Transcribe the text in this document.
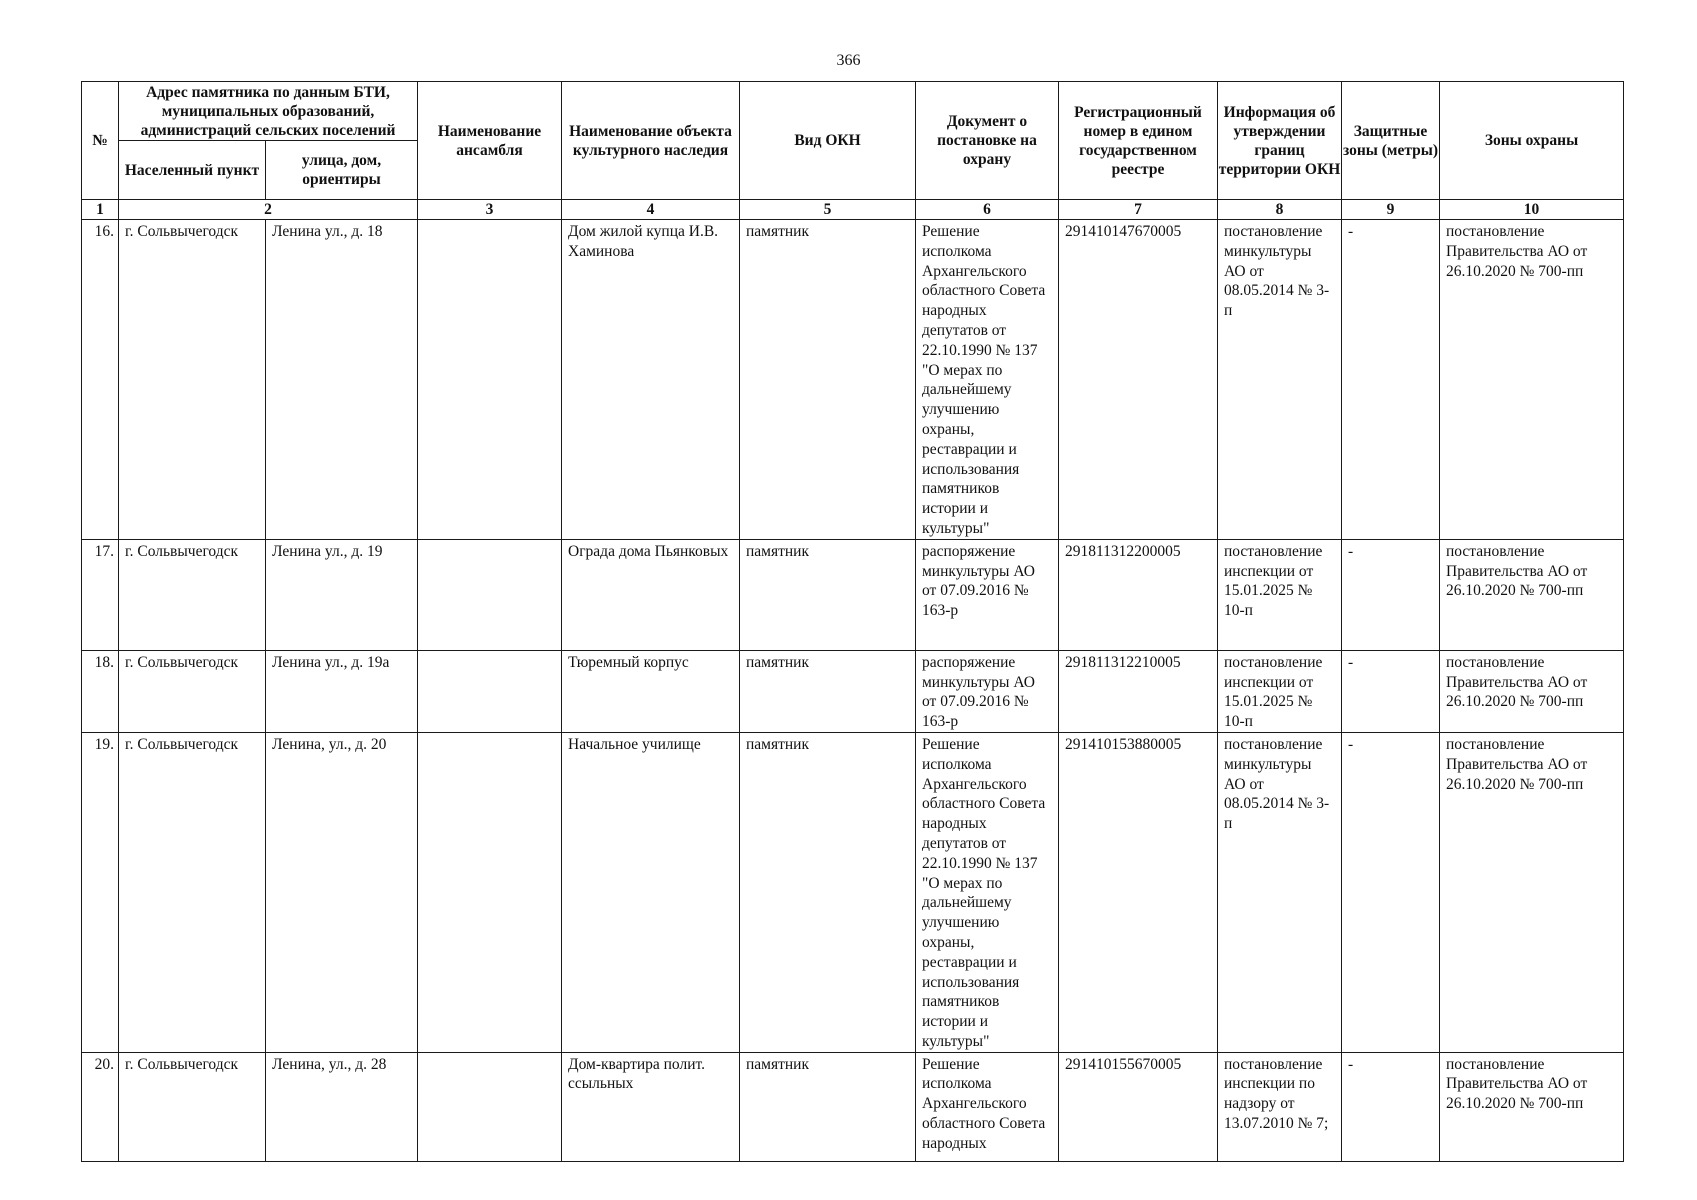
366
№	Адрес памятника по данным БТИ, муниципальных образований, администраций сельских поселений		Наименование ансамбля	Наименование объекта культурного наследия	Вид ОКН	Документ о постановке на охрану	Регистрационный номер в едином государственном реестре	Информация об утверждении границ территории ОКН	Защитные зоны (метры)	Зоны охраны
	Населенный пункт	улица, дом, ориентиры								
1	2		3	4	5	6	7	8	9	10
16.	г. Сольвычегодск	Ленина ул., д. 18		Дом жилой купца И.В. Хаминова	памятник	Решение исполкома Архангельского областного Совета народных депутатов от 22.10.1990 № 137 "О мерах по дальнейшему улучшению охраны, реставрации и использования памятников истории и культуры"	291410147670005	постановление минкультуры АО от 08.05.2014 № 3-п	-	постановление Правительства АО от 26.10.2020 № 700-пп
17.	г. Сольвычегодск	Ленина ул., д. 19		Ограда дома Пьянковых	памятник	распоряжение минкультуры АО от 07.09.2016 № 163-р	291811312200005	постановление инспекции от 15.01.2025 № 10-п	-	постановление Правительства АО от 26.10.2020 № 700-пп
18.	г. Сольвычегодск	Ленина ул., д. 19а		Тюремный корпус	памятник	распоряжение минкультуры АО от 07.09.2016 № 163-р	291811312210005	постановление инспекции от 15.01.2025 № 10-п	-	постановление Правительства АО от 26.10.2020 № 700-пп
19.	г. Сольвычегодск	Ленина, ул., д. 20		Начальное училище	памятник	Решение исполкома Архангельского областного Совета народных депутатов от 22.10.1990 № 137 "О мерах по дальнейшему улучшению охраны, реставрации и использования памятников истории и культуры"	291410153880005	постановление минкультуры АО от 08.05.2014 № 3-п	-	постановление Правительства АО от 26.10.2020 № 700-пп
20.	г. Сольвычегодск	Ленина, ул., д. 28		Дом-квартира полит. ссыльных	памятник	Решение исполкома Архангельского областного Совета народных	291410155670005	постановление инспекции по надзору от 13.07.2010 № 7;	-	постановление Правительства АО от 26.10.2020 № 700-пп
